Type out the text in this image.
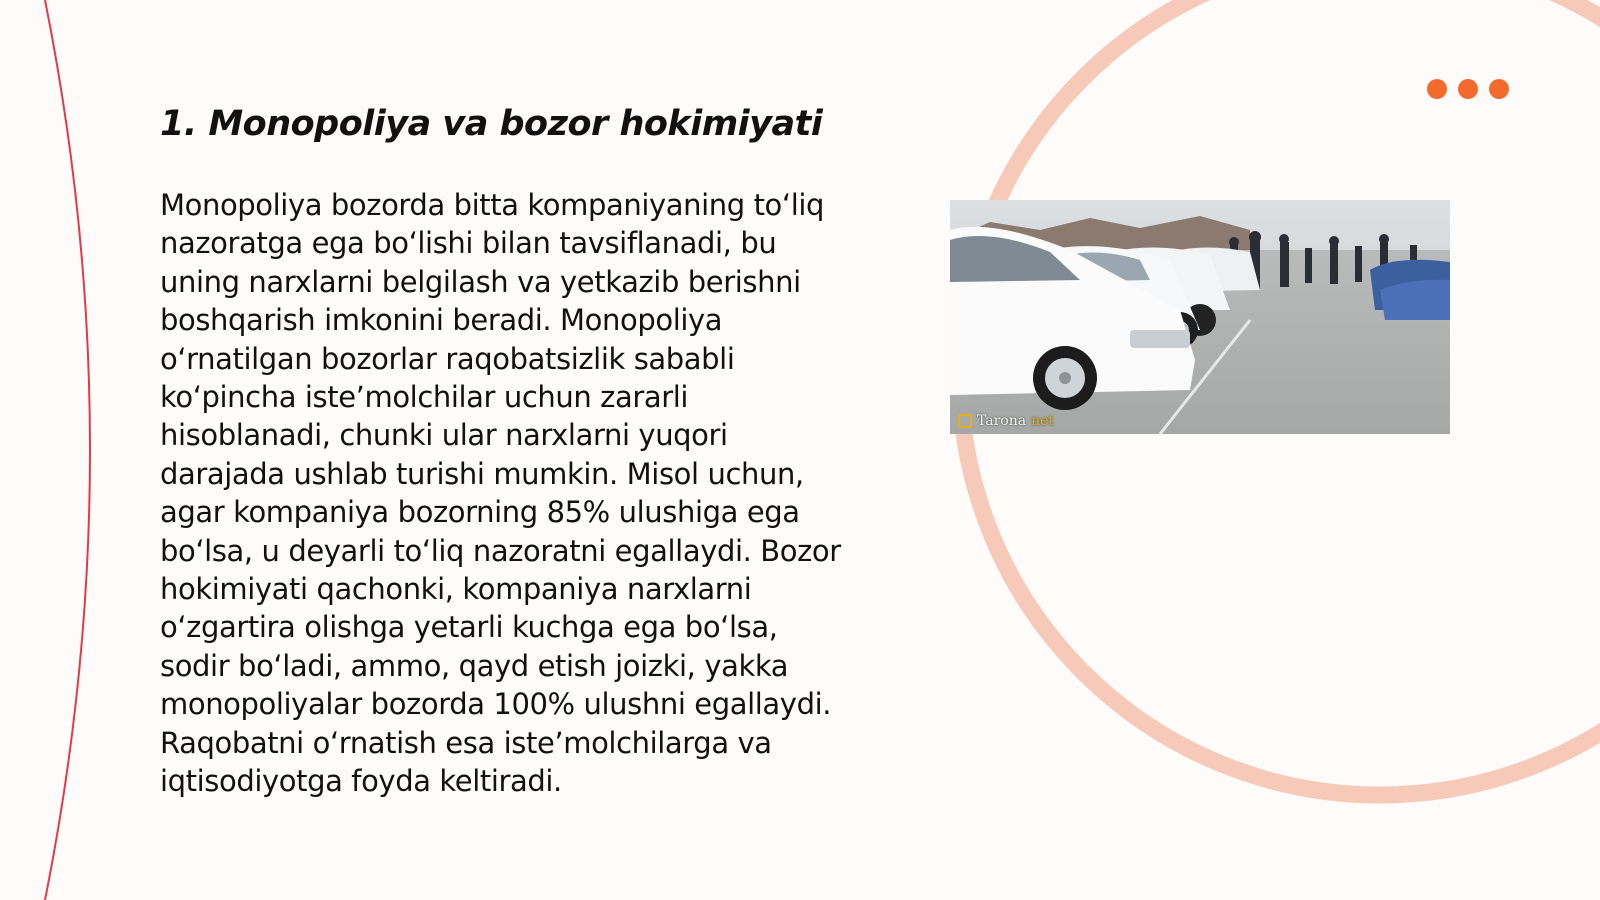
1. Monopoliya va bozor hokimiyati

Monopoliya bozorda bitta kompaniyaning to‘liq nazoratga ega bo‘lishi bilan tavsiflanadi, bu uning narxlarni belgilash va yetkazib berishni boshqarish imkonini beradi. Monopoliya o‘rnatilgan bozorlar raqobatsizlik sababli ko‘pincha iste’molchilar uchun zararli hisoblanadi, chunki ular narxlarni yuqori darajada ushlab turishi mumkin. Misol uchun, agar kompaniya bozorning 85% ulushiga ega bo‘lsa, u deyarli to‘liq nazoratni egallaydi. Bozor hokimiyati qachonki, kompaniya narxlarni o‘zgartira olishga yetarli kuchga ega bo‘lsa, sodir bo‘ladi, ammo, qayd etish joizki, yakka monopoliyalar bozorda 100% ulushni egallaydi. Raqobatni o‘rnatish esa iste’molchilarga va iqtisodiyotga foyda keltiradi.

Tarona net
